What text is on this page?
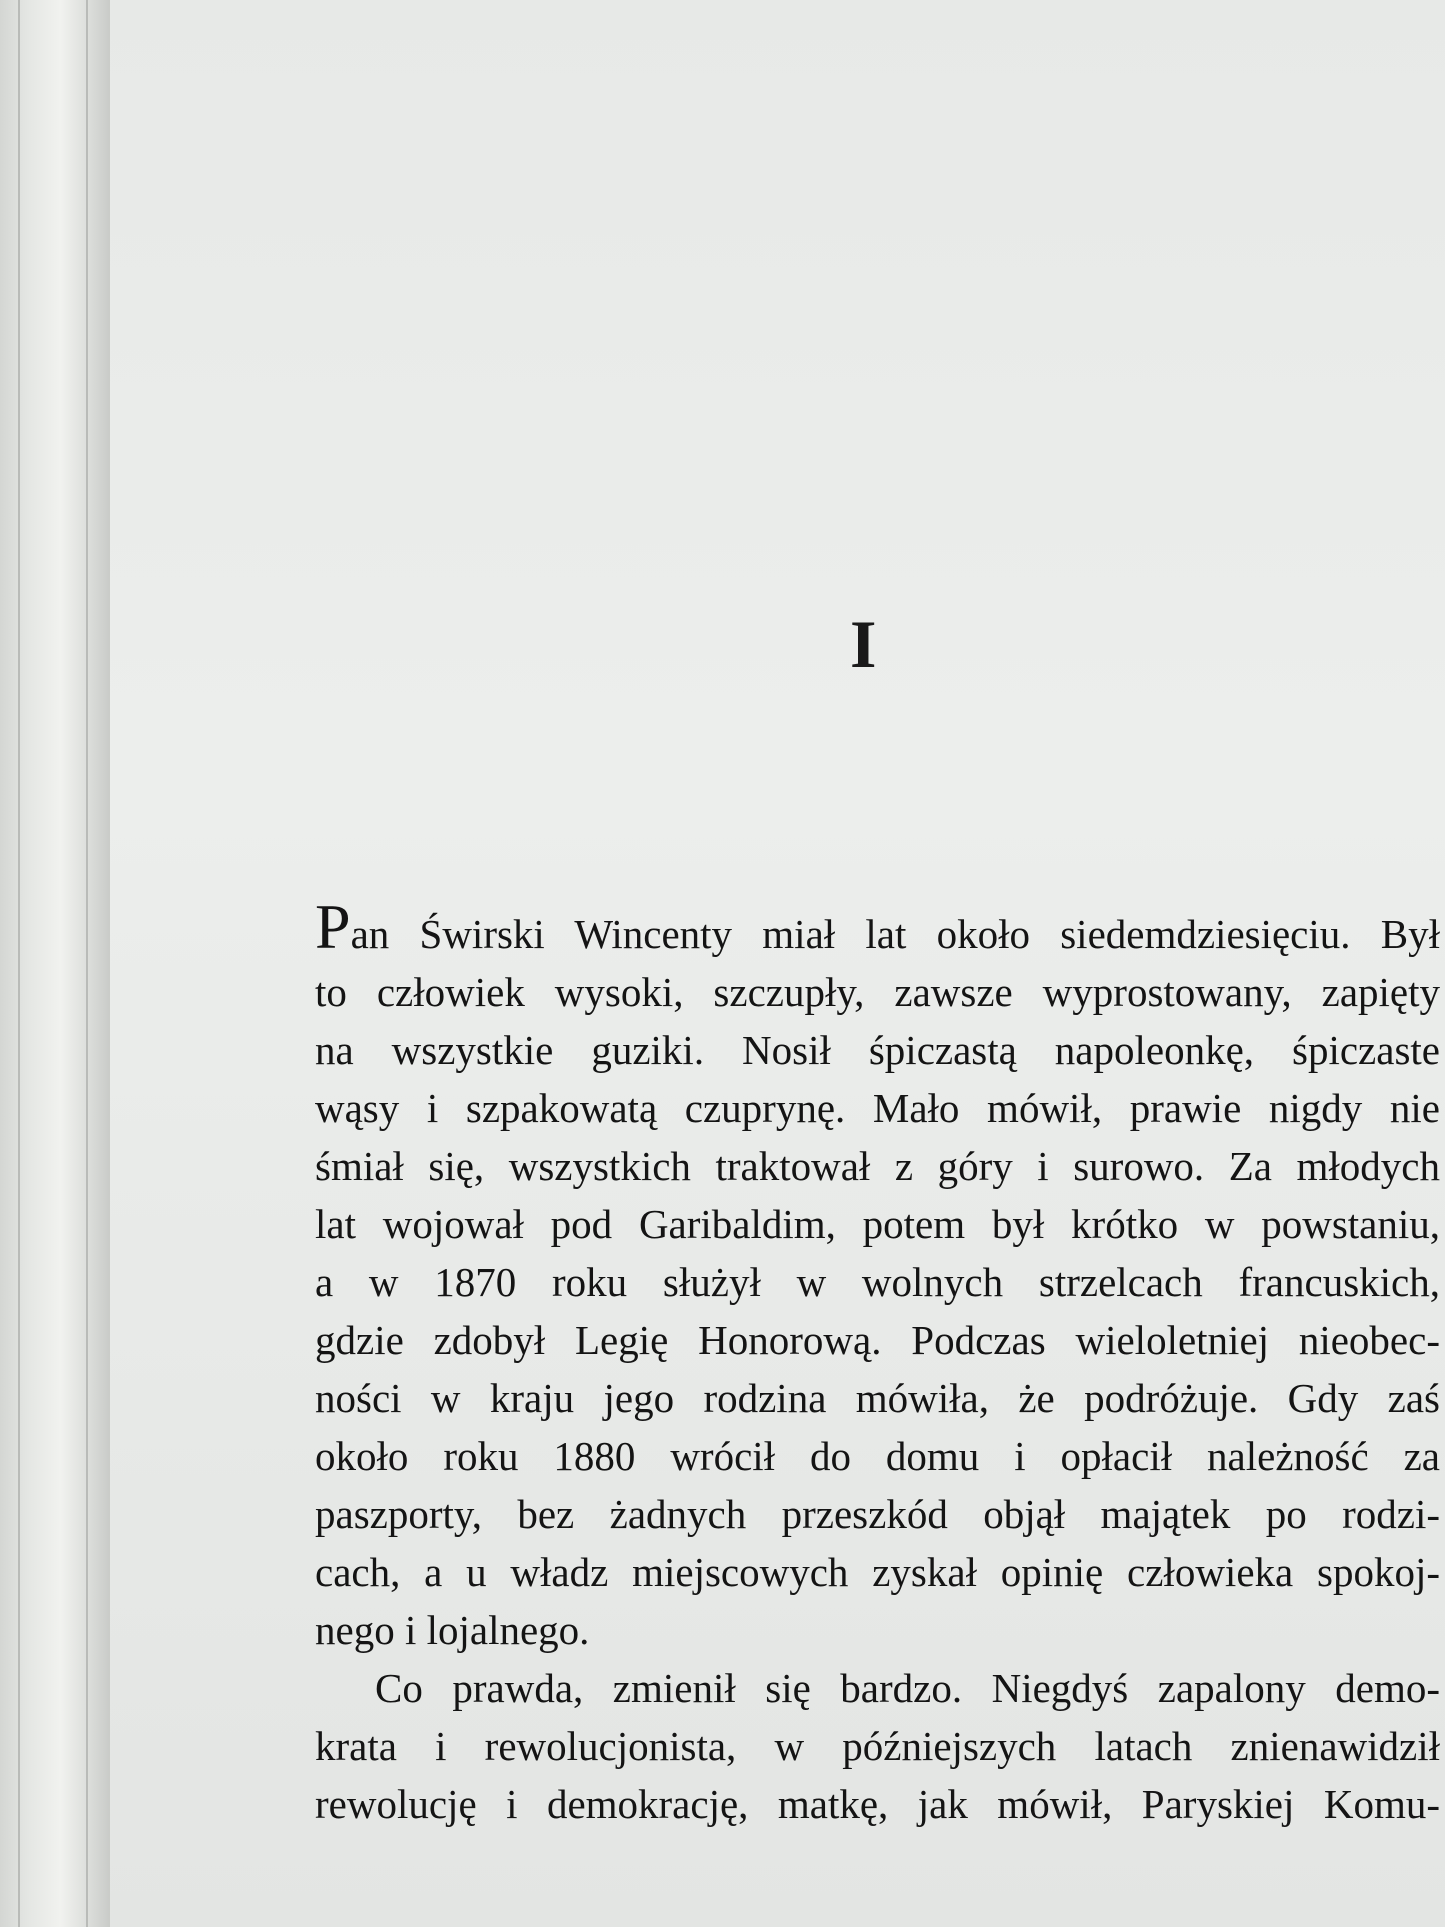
I
Pan Świrski Wincenty miał lat około siedemdziesięciu. Był
to człowiek wysoki, szczupły, zawsze wyprostowany, zapięty
na wszystkie guziki. Nosił śpiczastą napoleonkę, śpiczaste
wąsy i szpakowatą czuprynę. Mało mówił, prawie nigdy nie
śmiał się, wszystkich traktował z góry i surowo. Za młodych
lat wojował pod Garibaldim, potem był krótko w powstaniu,
a w 1870 roku służył w wolnych strzelcach francuskich,
gdzie zdobył Legię Honorową. Podczas wieloletniej nieobec-
ności w kraju jego rodzina mówiła, że podróżuje. Gdy zaś
około roku 1880 wrócił do domu i opłacił należność za
paszporty, bez żadnych przeszkód objął majątek po rodzi-
cach, a u władz miejscowych zyskał opinię człowieka spokoj-
nego i lojalnego.
Co prawda, zmienił się bardzo. Niegdyś zapalony demo-
krata i rewolucjonista, w późniejszych latach znienawidził
rewolucję i demokrację, matkę, jak mówił, Paryskiej Komu-
